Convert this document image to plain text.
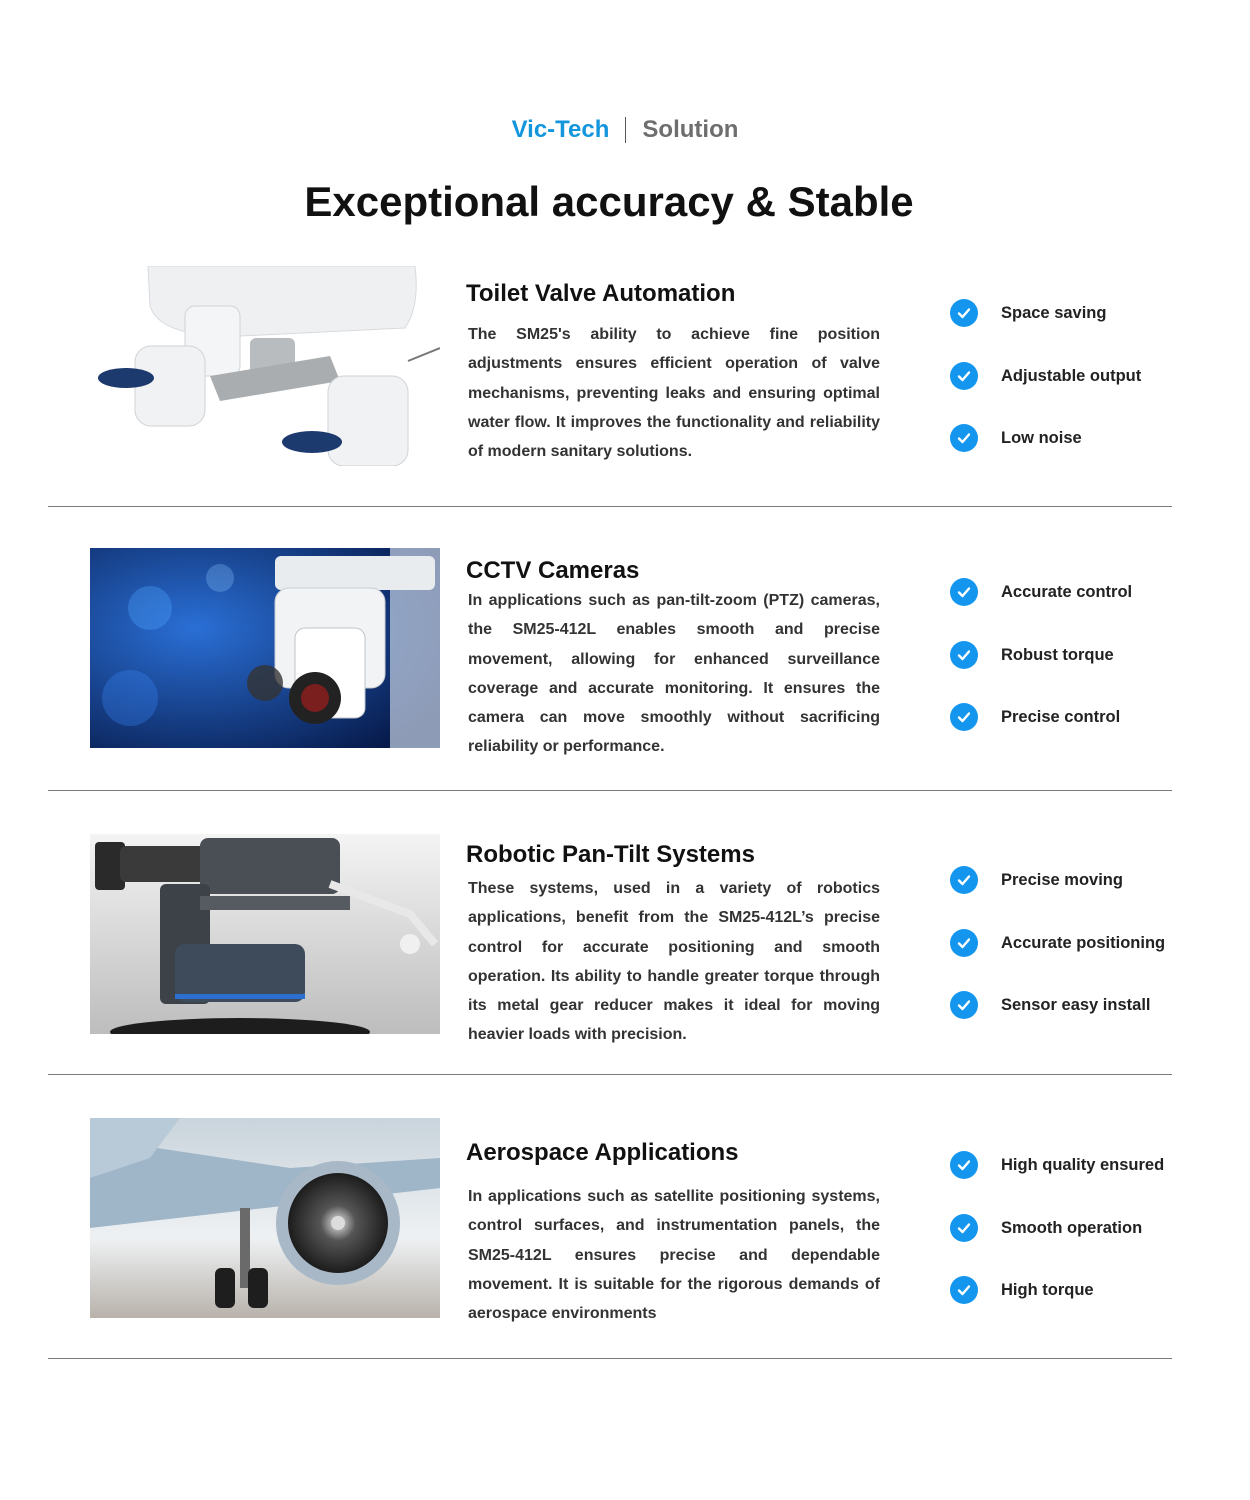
Vic-Tech Solution
Exceptional accuracy & Stable
Toilet Valve Automation

The SM25's ability to achieve fine position adjustments ensures efficient operation of valve mechanisms, preventing leaks and ensuring optimal water flow. It improves the functionality and reliability of modern sanitary solutions.

Space saving
Adjustable output
Low noise
CCTV Cameras

In applications such as pan-tilt-zoom (PTZ) cameras, the SM25-412L enables smooth and precise movement, allowing for enhanced surveillance coverage and accurate monitoring. It ensures the camera can move smoothly without sacrificing reliability or performance.

Accurate control
Robust torque
Precise control
Robotic Pan-Tilt Systems

These systems, used in a variety of robotics applications, benefit from the SM25-412L’s precise control for accurate positioning and smooth operation. Its ability to handle greater torque through its metal gear reducer makes it ideal for moving heavier loads with precision.

Precise moving
Accurate positioning
Sensor easy install
Aerospace Applications

In applications such as satellite positioning systems, control surfaces, and instrumentation panels, the SM25-412L ensures precise and dependable movement. It is suitable for the rigorous demands of aerospace environments

High quality ensured
Smooth operation
High torque
